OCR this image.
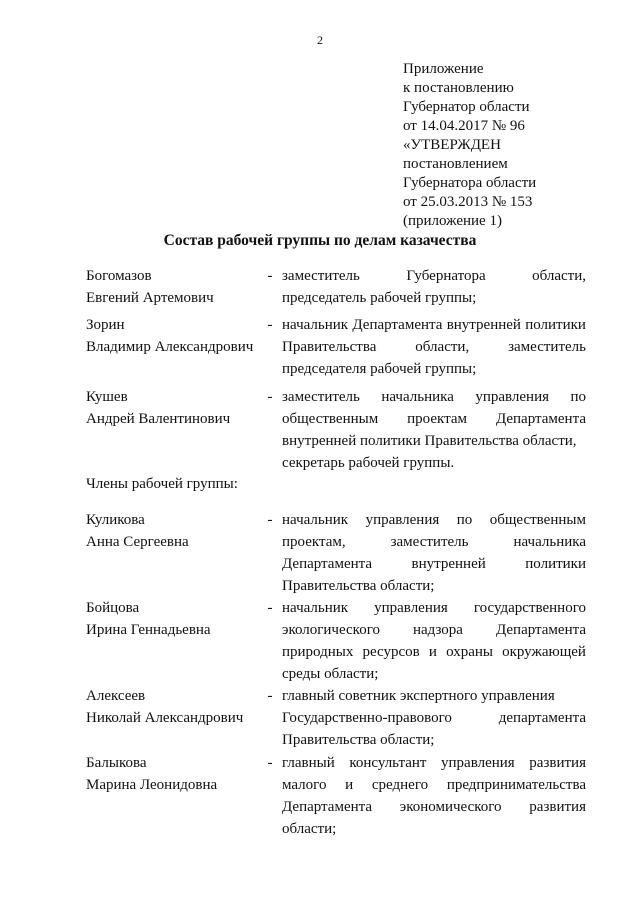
2
Приложение
к постановлению
Губернатор области
от 14.04.2017 № 96
«УТВЕРЖДЕН
постановлением
Губернатора области
от 25.03.2013 № 153
(приложение 1)
Состав рабочей группы по делам казачества
Богомазов
Евгений Артемович
- заместитель	Губернатора	области,
председатель рабочей группы;
Зорин
Владимир Александрович
- начальник Департамента внутренней политики
Правительства	области,	заместитель
председателя рабочей группы;
Кушев
Андрей Валентинович
- заместитель начальника управления по
общественным проектам Департамента
внутренней политики Правительства области,
секретарь рабочей группы.
Члены рабочей группы:
Куликова
Анна Сергеевна
- начальник управления по общественным
проектам,	заместитель	начальника
Департамента	внутренней	политики
Правительства области;
Бойцова
Ирина Геннадьевна
- начальник управления государственного
экологического надзора Департамента
природных ресурсов и охраны окружающей
среды области;
Алексеев
Николай Александрович
- главный советник экспертного управления
Государственно-правового	департамента
Правительства области;
Балыкова
Марина Леонидовна
- главный консультант управления развития
малого и среднего предпринимательства
Департамента экономического развития
области;
